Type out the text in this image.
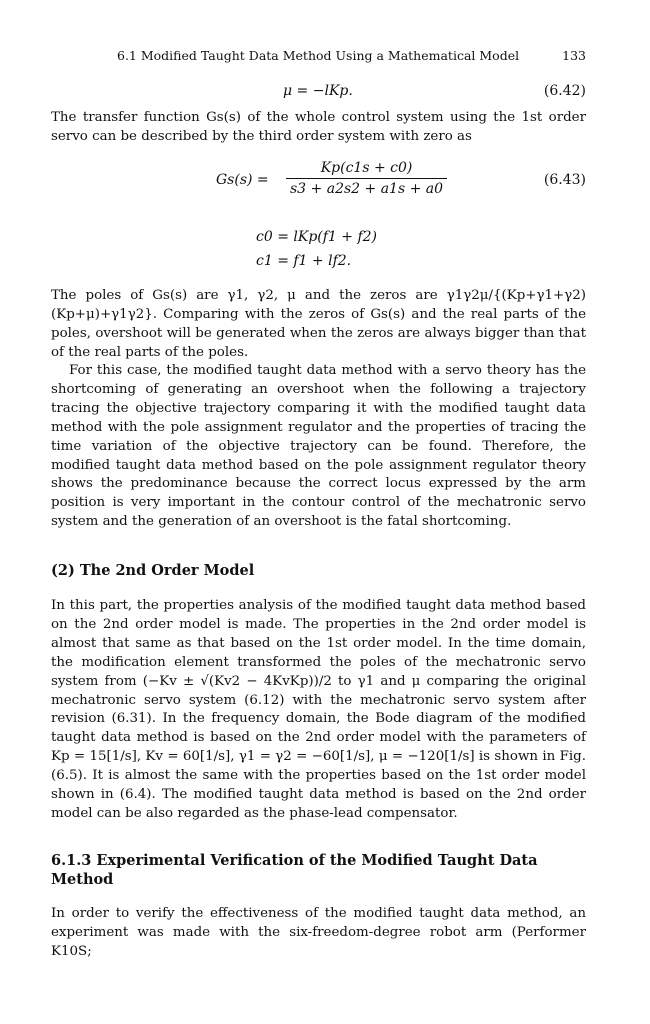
6.1 Modified Taught Data Method Using a Mathematical Model	133
μ = −lKp.	(6.42)

The transfer function Gs(s) of the whole control system using the 1st order servo can be described by the third order system with zero as

$Gs(s) = \frac{Kp(c1s + c0)}{s3 + a2s2 + a1s + a0}$	(6.43)
c0 = lKp(f1 + f2)
c1 = f1 + lf2.

The poles of Gs(s) are γ1, γ2, μ and the zeros are γ1γ2μ/{(Kp+γ1+γ2)(Kp+μ)+γ1γ2}. Comparing with the zeros of Gs(s) and the real parts of the poles, overshoot will be generated when the zeros are always bigger than that of the real parts of the poles.

For this case, the modified taught data method with a servo theory has the shortcoming of generating an overshoot when the following a trajectory tracing the objective trajectory comparing it with the modified taught data method with the pole assignment regulator and the properties of tracing the time variation of the objective trajectory can be found. Therefore, the modified taught data method based on the pole assignment regulator theory shows the predominance because the correct locus expressed by the arm position is very important in the contour control of the mechatronic servo system and the generation of an overshoot is the fatal shortcoming.

(2) The 2nd Order Model

In this part, the properties analysis of the modified taught data method based on the 2nd order model is made. The properties in the 2nd order model is almost that same as that based on the 1st order model. In the time domain, the modification element transformed the poles of the mechatronic servo system from (−Kv ± √(Kv2 − 4KvKp))/2 to γ1 and μ comparing the original mechatronic servo system (6.12) with the mechatronic servo system after revision (6.31). In the frequency domain, the Bode diagram of the modified taught data method is based on the 2nd order model with the parameters of Kp = 15[1/s], Kv = 60[1/s], γ1 = γ2 = −60[1/s], μ = −120[1/s] is shown in Fig. (6.5). It is almost the same with the properties based on the 1st order model shown in (6.4). The modified taught data method is based on the 2nd order model can be also regarded as the phase-lead compensator.

6.1.3 Experimental Verification of the Modified Taught Data Method

In order to verify the effectiveness of the modified taught data method, an experiment was made with the six-freedom-degree robot arm (Performer K10S;
